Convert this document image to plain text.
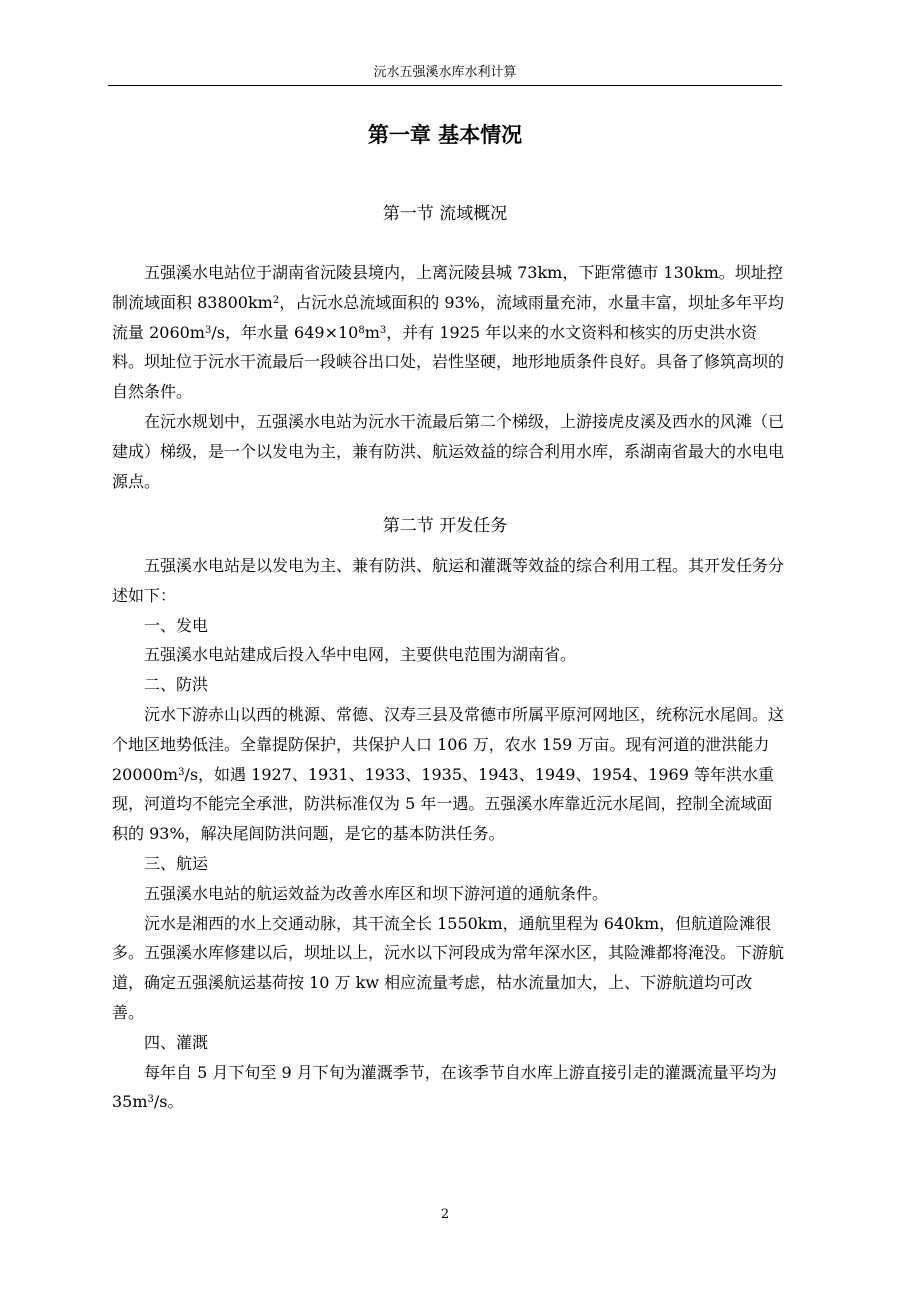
沅水五强溪水库水利计算
第一章 基本情况
第一节 流域概况

五强溪水电站位于湖南省沅陵县境内，上离沅陵县城 73km，下距常德市 130km。坝址控制流域面积 $83800km^2$，占沅水总流域面积的 93%，流域雨量充沛，水量丰富，坝址多年平均流量 $2060m^3/s$，年水量 $649\times 10^8m^3$，并有 1925 年以来的水文资料和核实的历史洪水资料。坝址位于沅水干流最后一段峡谷出口处，岩性坚硬，地形地质条件良好。具备了修筑高坝的自然条件。

在沅水规划中，五强溪水电站为沅水干流最后第二个梯级，上游接虎皮溪及西水的风滩（已建成）梯级，是一个以发电为主，兼有防洪、航运效益的综合利用水库，系湖南省最大的水电电源点。

第二节 开发任务

五强溪水电站是以发电为主、兼有防洪、航运和灌溉等效益的综合利用工程。其开发任务分述如下：

一、发电

五强溪水电站建成后投入华中电网，主要供电范围为湖南省。

二、防洪

沅水下游赤山以西的桃源、常德、汉寿三县及常德市所属平原河网地区，统称沅水尾闾。这个地区地势低洼。全靠提防保护，共保护人口 106 万，农水 159 万亩。现有河道的泄洪能力 $20000m^3/s$，如遇 1927、1931、1933、1935、1943、1949、1954、1969 等年洪水重现，河道均不能完全承泄，防洪标准仅为 5 年一遇。五强溪水库靠近沅水尾闾，控制全流域面积的 93%，解决尾闾防洪问题，是它的基本防洪任务。

三、航运

五强溪水电站的航运效益为改善水库区和坝下游河道的通航条件。

沅水是湘西的水上交通动脉，其干流全长 1550km，通航里程为 640km，但航道险滩很多。五强溪水库修建以后，坝址以上，沅水以下河段成为常年深水区，其险滩都将淹没。下游航道，确定五强溪航运基荷按 10 万 kw 相应流量考虑，枯水流量加大，上、下游航道均可改善。

四、灌溉

每年自 5 月下旬至 9 月下旬为灌溉季节，在该季节自水库上游直接引走的灌溉流量平均为 $35m^3/s$。

2
